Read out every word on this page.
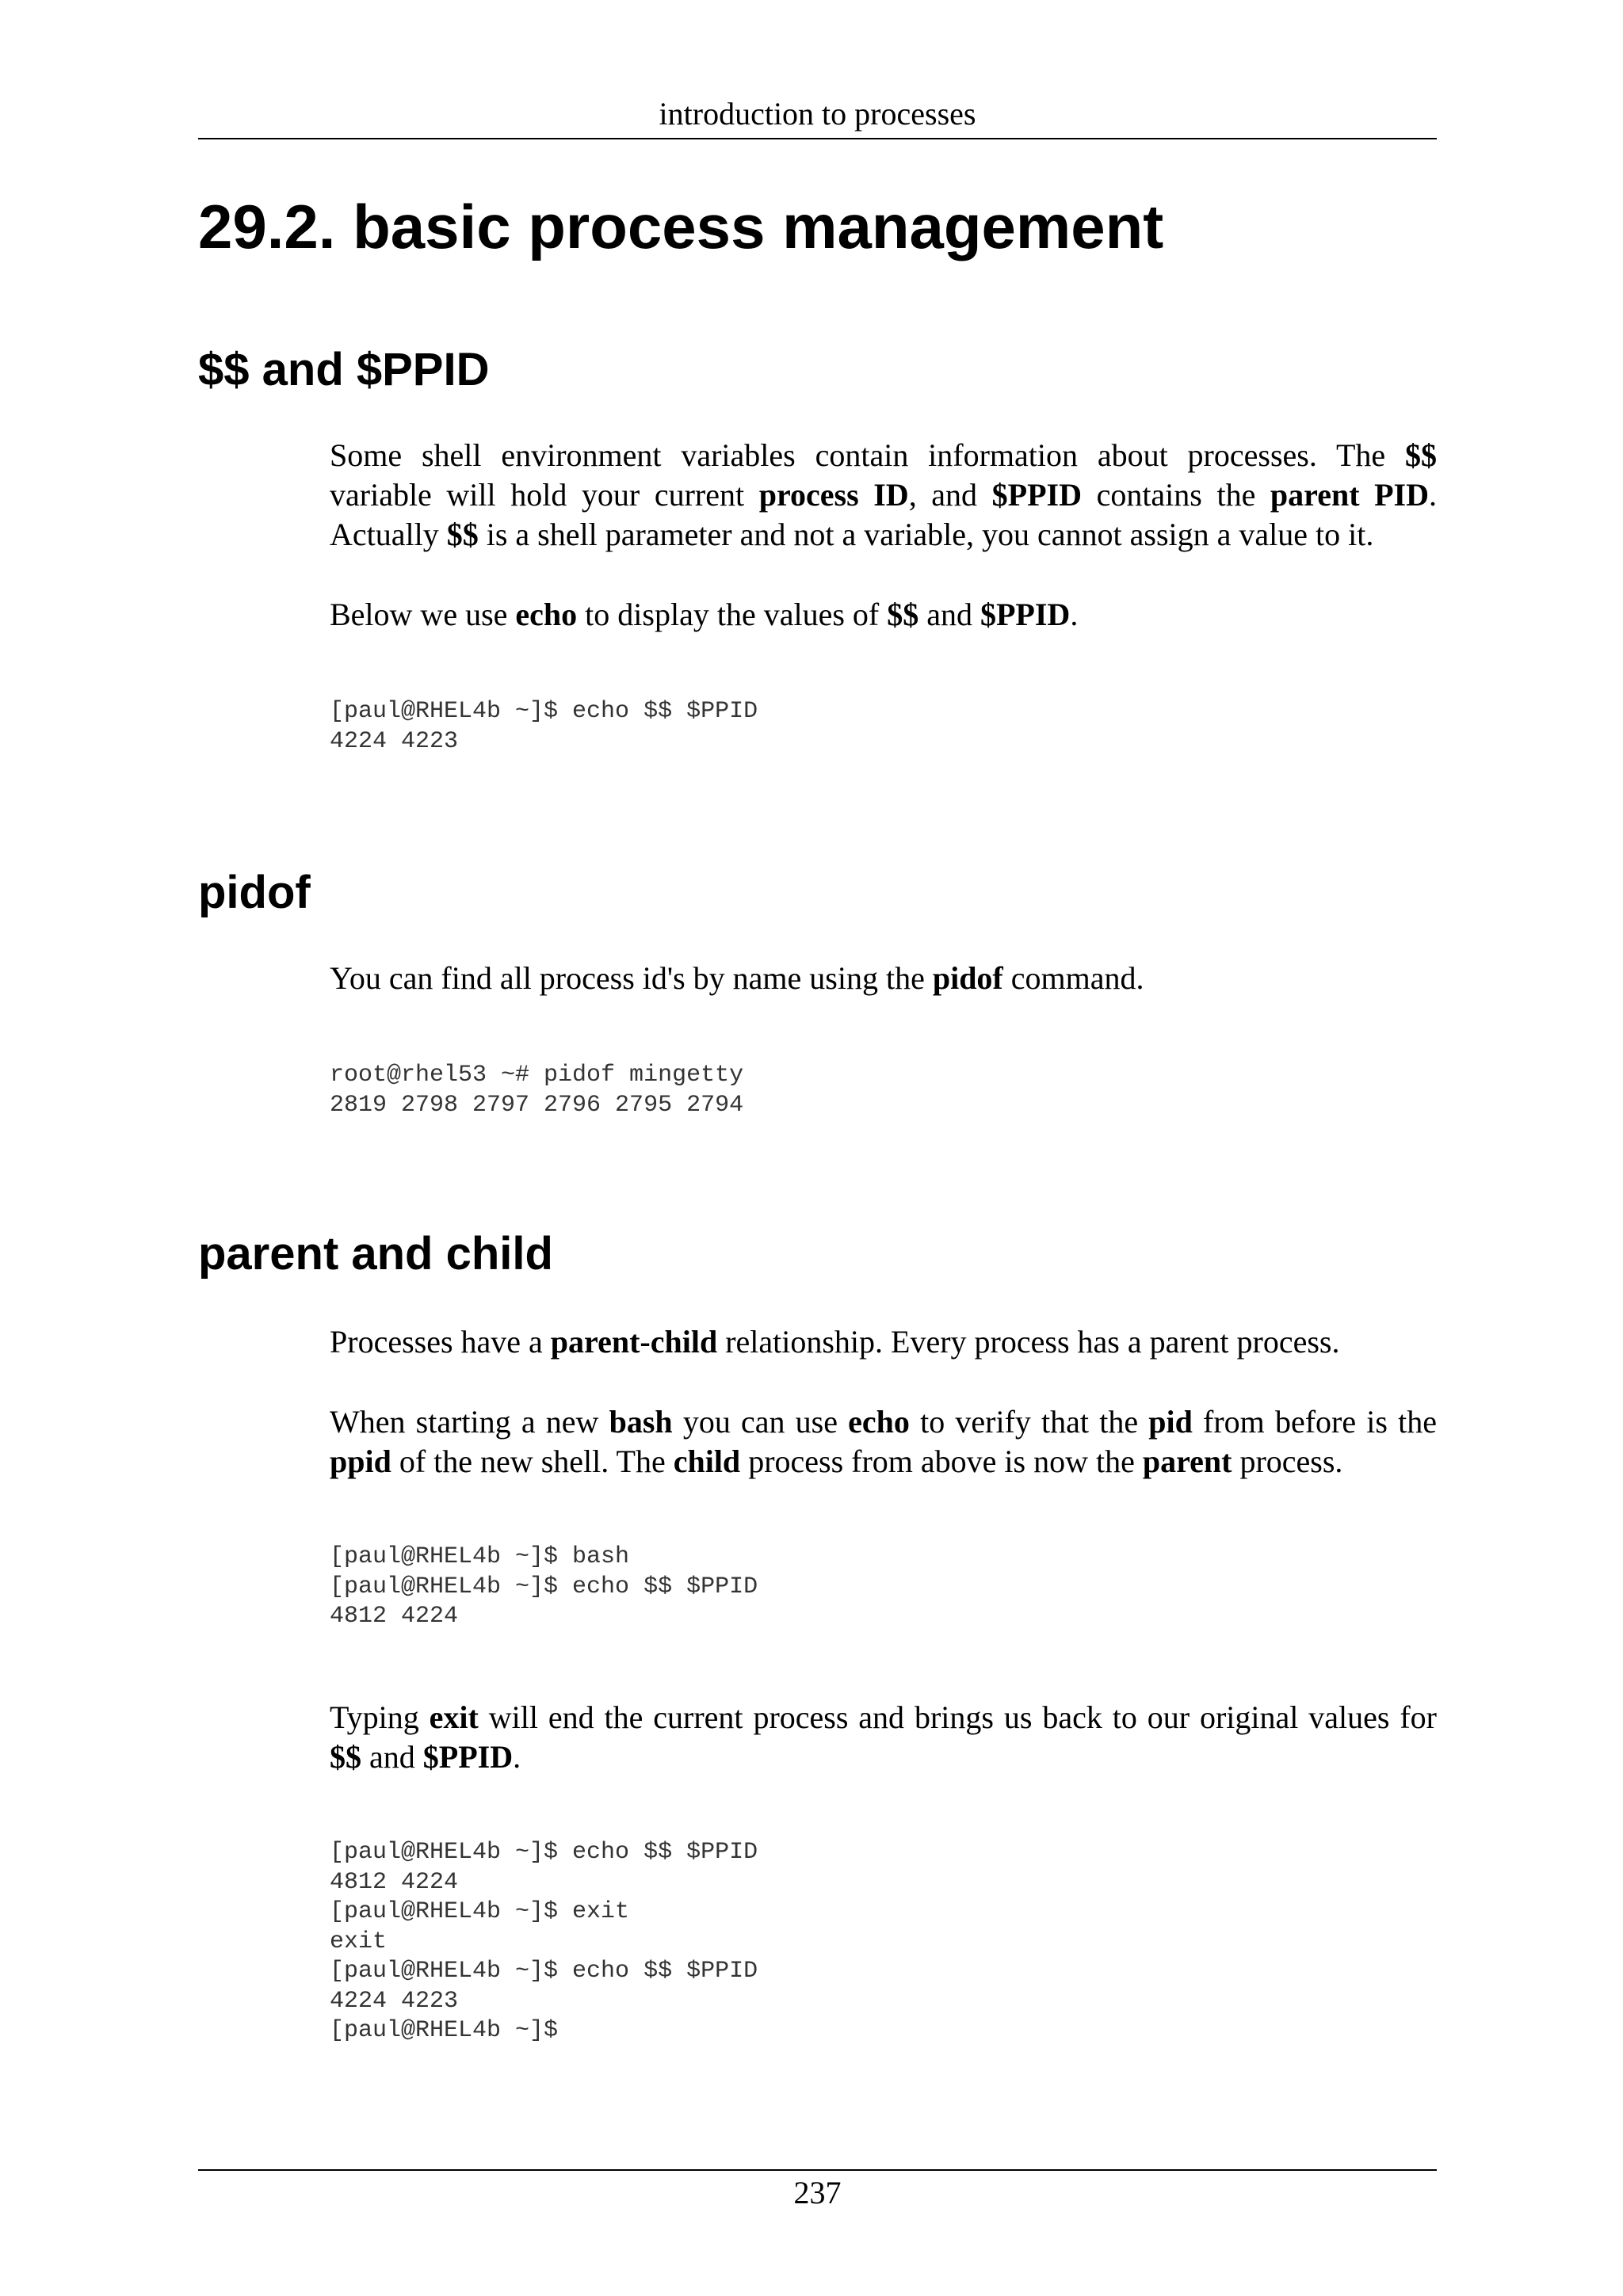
introduction to processes
29.2. basic process management
$$ and $PPID

Some shell environment variables contain information about processes. The $$ variable will hold your current process ID, and $PPID contains the parent PID. Actually $$ is a shell parameter and not a variable, you cannot assign a value to it.

Below we use echo to display the values of $$ and $PPID.

[paul@RHEL4b ~]$ echo $$ $PPID
4224 4223
pidof

You can find all process id's by name using the pidof command.

root@rhel53 ~# pidof mingetty
2819 2798 2797 2796 2795 2794
parent and child

Processes have a parent-child relationship. Every process has a parent process.

When starting a new bash you can use echo to verify that the pid from before is the ppid of the new shell. The child process from above is now the parent process.

[paul@RHEL4b ~]$ bash
[paul@RHEL4b ~]$ echo $$ $PPID
4812 4224

Typing exit will end the current process and brings us back to our original values for $$ and $PPID.

[paul@RHEL4b ~]$ echo $$ $PPID
4812 4224
[paul@RHEL4b ~]$ exit
exit
[paul@RHEL4b ~]$ echo $$ $PPID
4224 4223
[paul@RHEL4b ~]$
237
